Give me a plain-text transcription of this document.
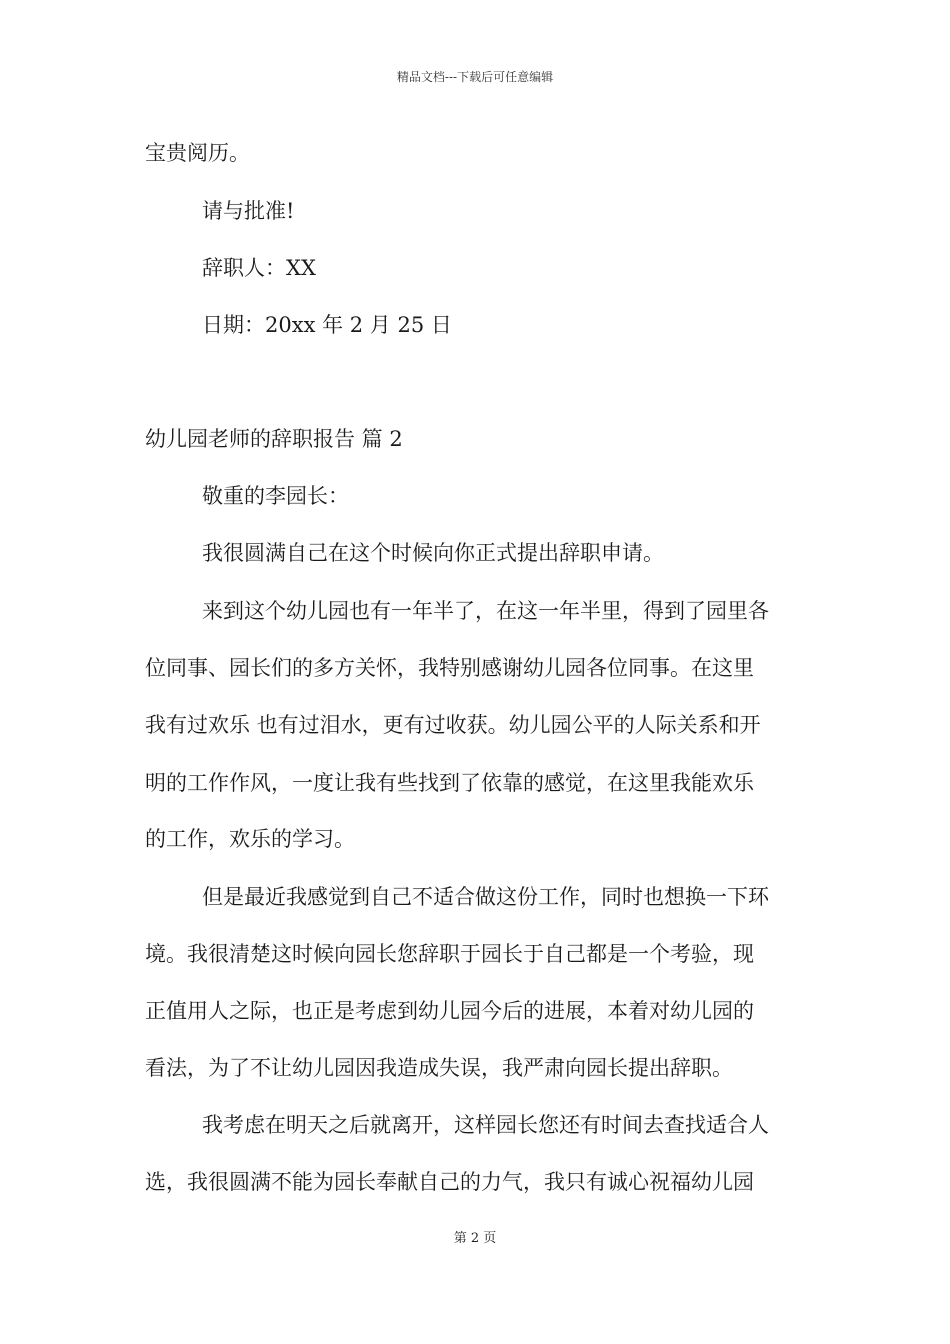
精品文档---下载后可任意编辑
宝贵阅历。
请与批准!
辞职人：XX
日期：20xx 年 2 月 25 日
幼儿园老师的辞职报告 篇 2
敬重的李园长：
我很圆满自己在这个时候向你正式提出辞职申请。
来到这个幼儿园也有一年半了，在这一年半里，得到了园里各
位同事、园长们的多方关怀，我特别感谢幼儿园各位同事。在这里
我有过欢乐 也有过泪水，更有过收获。幼儿园公平的人际关系和开
明的工作作风，一度让我有些找到了依靠的感觉，在这里我能欢乐
的工作，欢乐的学习。
但是最近我感觉到自己不适合做这份工作，同时也想换一下环
境。我很清楚这时候向园长您辞职于园长于自己都是一个考验，现
正值用人之际，也正是考虑到幼儿园今后的进展，本着对幼儿园的
看法，为了不让幼儿园因我造成失误，我严肃向园长提出辞职。
我考虑在明天之后就离开，这样园长您还有时间去查找适合人
选，我很圆满不能为园长奉献自己的力气，我只有诚心祝福幼儿园
第 2 页
